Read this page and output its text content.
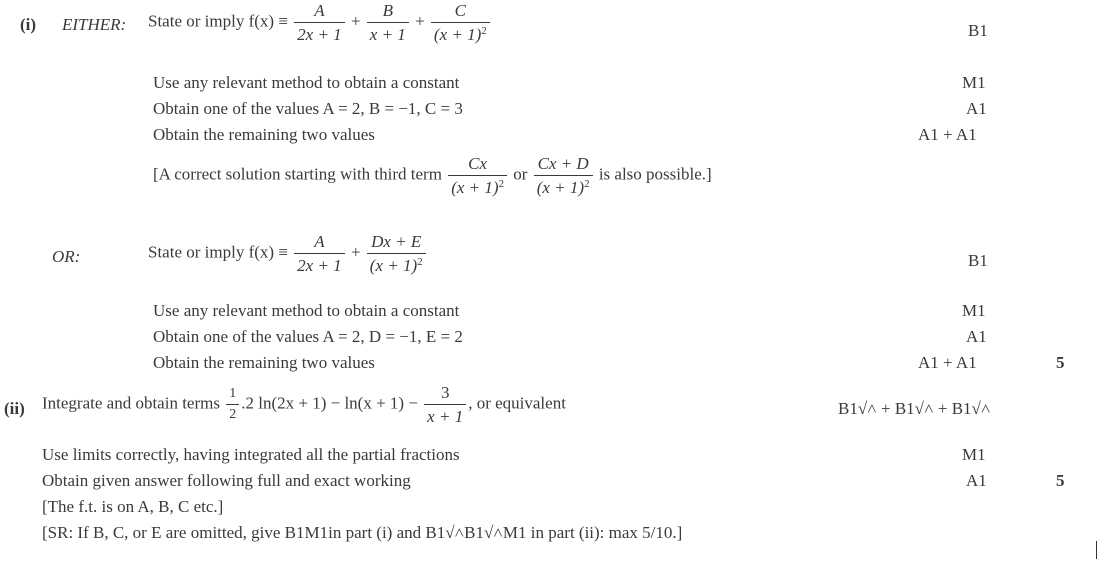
(i) EITHER: State or imply $f(x) \equiv \frac{A}{2x + 1} + \frac{B}{x + 1} + \frac{C}{(x + 1)^2}$	B1
Use any relevant method to obtain a constant	M1
Obtain one of the values A = 2, B = −1, C = 3	A1
Obtain the remaining two values	A1 + A1
[A correct solution starting with third term $\frac{Cx}{(x + 1)^2}$ or $\frac{Cx + D}{(x + 1)^2}$ is also possible.]
OR:	State or imply $f(x) \equiv \frac{A}{2x + 1} + \frac{Dx + E}{(x + 1)^2}$	B1
Use any relevant method to obtain a constant	M1
Obtain one of the values A = 2, D = −1, E = 2	A1
Obtain the remaining two values	A1 + A1	5
(ii) Integrate and obtain terms $\frac{1}{2} .2$ $\ln(2x + 1) - \ln(x + 1) - \frac{3}{x + 1}$ , or equivalent	B1√˄ + B1√˄ + B1√˄
Use limits correctly, having integrated all the partial fractions	M1
Obtain given answer following full and exact working	A1	5
[The f.t. is on A, B, C etc.]
[SR: If B, C, or E are omitted, give B1M1in part (i) and B1√˄B1√˄M1 in part (ii): max 5/10.]
